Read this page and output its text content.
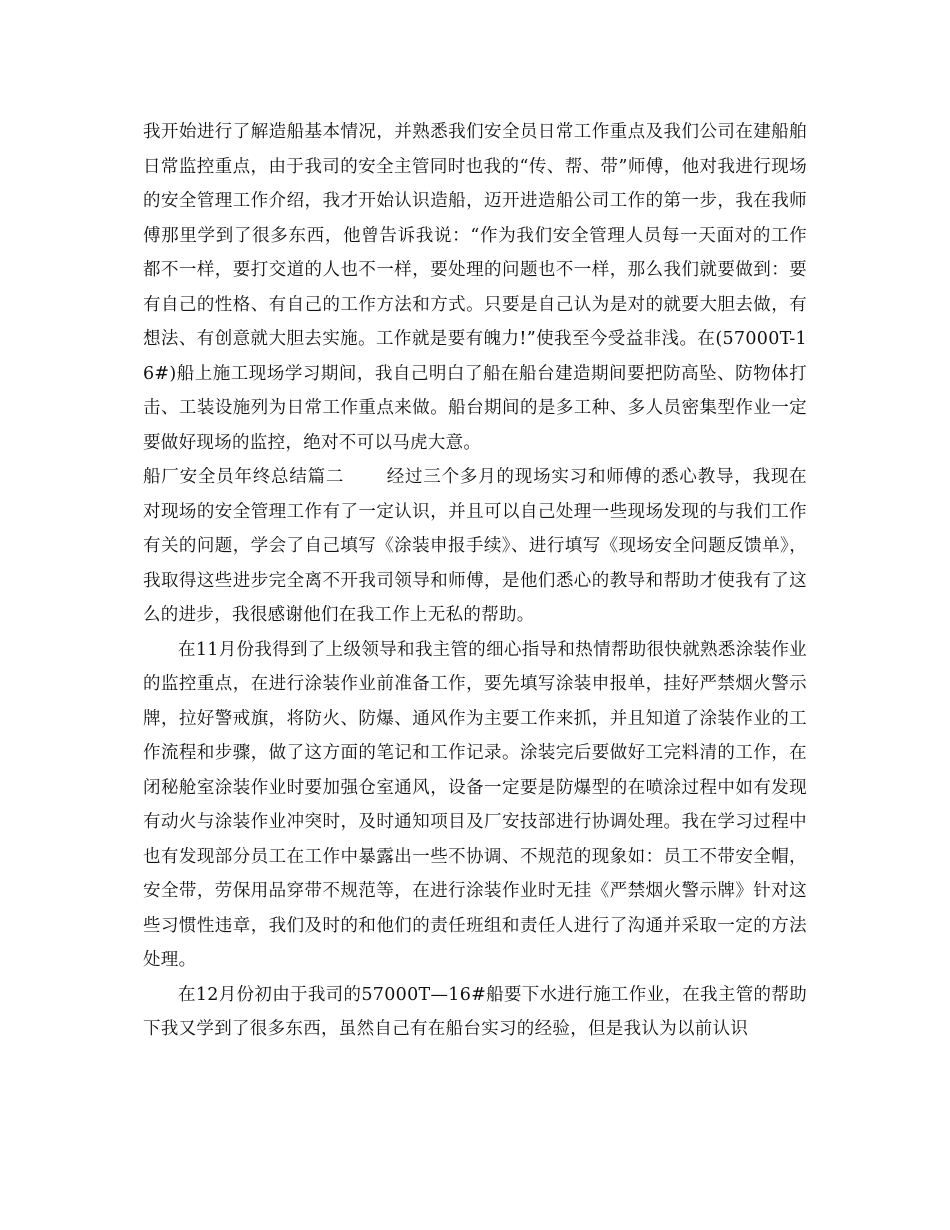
我开始进行了解造船基本情况，并熟悉我们安全员日常工作重点及我们公司在建船舶日常监控重点，由于我司的安全主管同时也我的“传、帮、带”师傅，他对我进行现场的安全管理工作介绍，我才开始认识造船，迈开进造船公司工作的第一步，我在我师傅那里学到了很多东西，他曾告诉我说：“作为我们安全管理人员每一天面对的工作都不一样，要打交道的人也不一样，要处理的问题也不一样，那么我们就要做到：要有自己的性格、有自己的工作方法和方式。只要是自己认为是对的就要大胆去做，有想法、有创意就大胆去实施。工作就是要有魄力!”使我至今受益非浅。在(57000T-16#)船上施工现场学习期间，我自己明白了船在船台建造期间要把防高坠、防物体打击、工装设施列为日常工作重点来做。船台期间的是多工种、多人员密集型作业一定要做好现场的监控，绝对不可以马虎大意。

船厂安全员年终总结篇二 经过三个多月的现场实习和师傅的悉心教导，我现在对现场的安全管理工作有了一定认识，并且可以自己处理一些现场发现的与我们工作有关的问题，学会了自己填写《涂装申报手续》、进行填写《现场安全问题反馈单》，我取得这些进步完全离不开我司领导和师傅，是他们悉心的教导和帮助才使我有了这么的进步，我很感谢他们在我工作上无私的帮助。

在11月份我得到了上级领导和我主管的细心指导和热情帮助很快就熟悉涂装作业的监控重点，在进行涂装作业前准备工作，要先填写涂装申报单，挂好严禁烟火警示牌，拉好警戒旗，将防火、防爆、通风作为主要工作来抓，并且知道了涂装作业的工作流程和步骤，做了这方面的笔记和工作记录。涂装完后要做好工完料清的工作，在闭秘舱室涂装作业时要加强仓室通风，设备一定要是防爆型的在喷涂过程中如有发现有动火与涂装作业冲突时，及时通知项目及厂安技部进行协调处理。我在学习过程中也有发现部分员工在工作中暴露出一些不协调、不规范的现象如：员工不带安全帽，安全带，劳保用品穿带不规范等，在进行涂装作业时无挂《严禁烟火警示牌》针对这些习惯性违章，我们及时的和他们的责任班组和责任人进行了沟通并采取一定的方法处理。

在12月份初由于我司的57000T—16#船要下水进行施工作业，在我主管的帮助下我又学到了很多东西，虽然自己有在船台实习的经验，但是我认为以前认识
